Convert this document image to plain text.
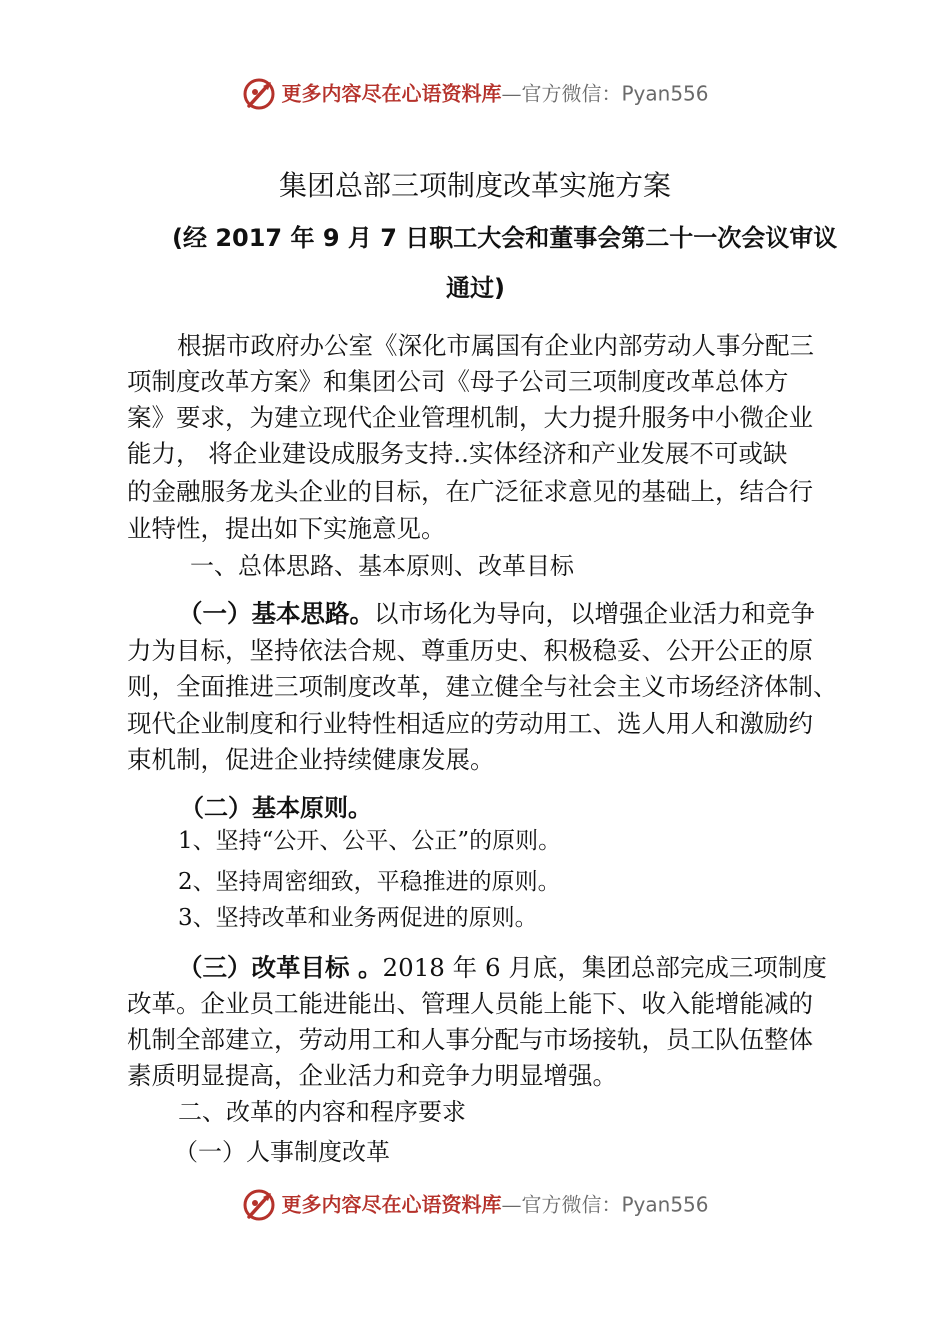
更多内容尽在心语资料库—官方微信：Pyan556
集团总部三项制度改革实施方案
(经 2017 年 9 月 7 日职工大会和董事会第二十一次会议审议
通过)
根据市政府办公室《深化市属国有企业内部劳动人事分配三
项制度改革方案》和集团公司《母子公司三项制度改革总体方
案》要求，为建立现代企业管理机制，大力提升服务中小微企业
能力， 将企业建设成服务支持..实体经济和产业发展不可或缺
的金融服务龙头企业的目标，在广泛征求意见的基础上，结合行
业特性，提出如下实施意见。
一、总体思路、基本原则、改革目标
（一）基本思路。以市场化为导向，以增强企业活力和竞争
力为目标，坚持依法合规、尊重历史、积极稳妥、公开公正的原
则，全面推进三项制度改革，建立健全与社会主义市场经济体制、
现代企业制度和行业特性相适应的劳动用工、选人用人和激励约
束机制，促进企业持续健康发展。
（二）基本原则。
1、坚持“公开、公平、公正”的原则。
2、坚持周密细致，平稳推进的原则。
3、坚持改革和业务两促进的原则。
（三）改革目标 。2018 年 6 月底，集团总部完成三项制度
改革。企业员工能进能出、管理人员能上能下、收入能增能减的
机制全部建立，劳动用工和人事分配与市场接轨，员工队伍整体
素质明显提高，企业活力和竞争力明显增强。
二、改革的内容和程序要求
（一）人事制度改革
更多内容尽在心语资料库—官方微信：Pyan556
